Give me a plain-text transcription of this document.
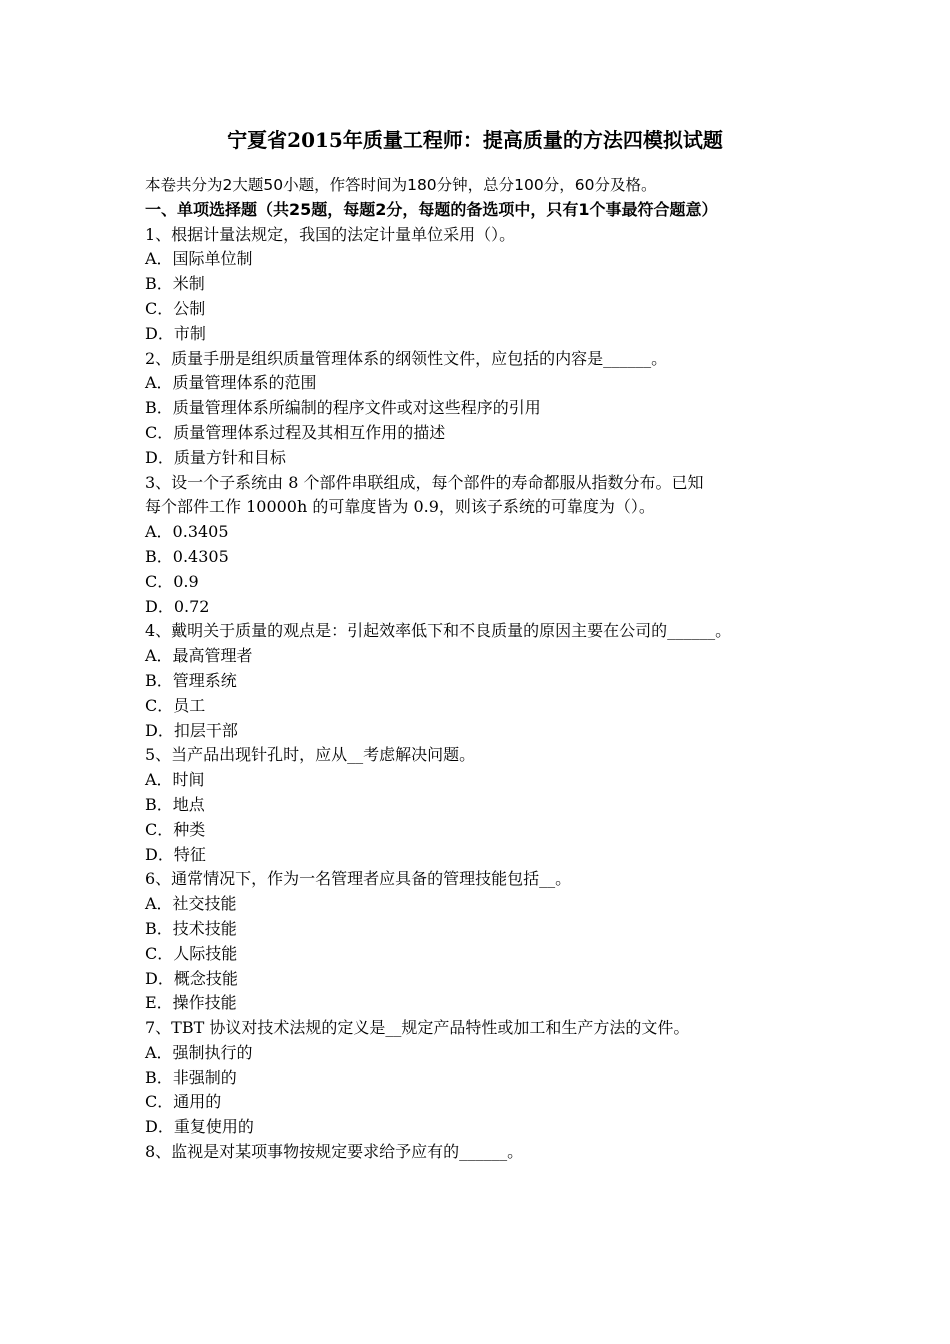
宁夏省2015年质量工程师：提高质量的方法四模拟试题
本卷共分为2大题50小题，作答时间为180分钟，总分100分，60分及格。
一、单项选择题（共25题，每题2分，每题的备选项中，只有1个事最符合题意）
1、根据计量法规定，我国的法定计量单位采用（）。
A．国际单位制
B．米制
C．公制
D．市制
2、质量手册是组织质量管理体系的纲领性文件，应包括的内容是______。
A．质量管理体系的范围
B．质量管理体系所编制的程序文件或对这些程序的引用
C．质量管理体系过程及其相互作用的描述
D．质量方针和目标
3、设一个子系统由 8 个部件串联组成，每个部件的寿命都服从指数分布。已知
每个部件工作 10000h 的可靠度皆为 0.9，则该子系统的可靠度为（）。
A．0.3405
B．0.4305
C．0.9
D．0.72
4、戴明关于质量的观点是：引起效率低下和不良质量的原因主要在公司的______。
A．最高管理者
B．管理系统
C．员工
D．扣层干部
5、当产品出现针孔时，应从__考虑解决问题。
A．时间
B．地点
C．种类
D．特征
6、通常情况下，作为一名管理者应具备的管理技能包括__。
A．社交技能
B．技术技能
C．人际技能
D．概念技能
E．操作技能
7、TBT 协议对技术法规的定义是__规定产品特性或加工和生产方法的文件。
A．强制执行的
B．非强制的
C．通用的
D．重复使用的
8、监视是对某项事物按规定要求给予应有的______。
